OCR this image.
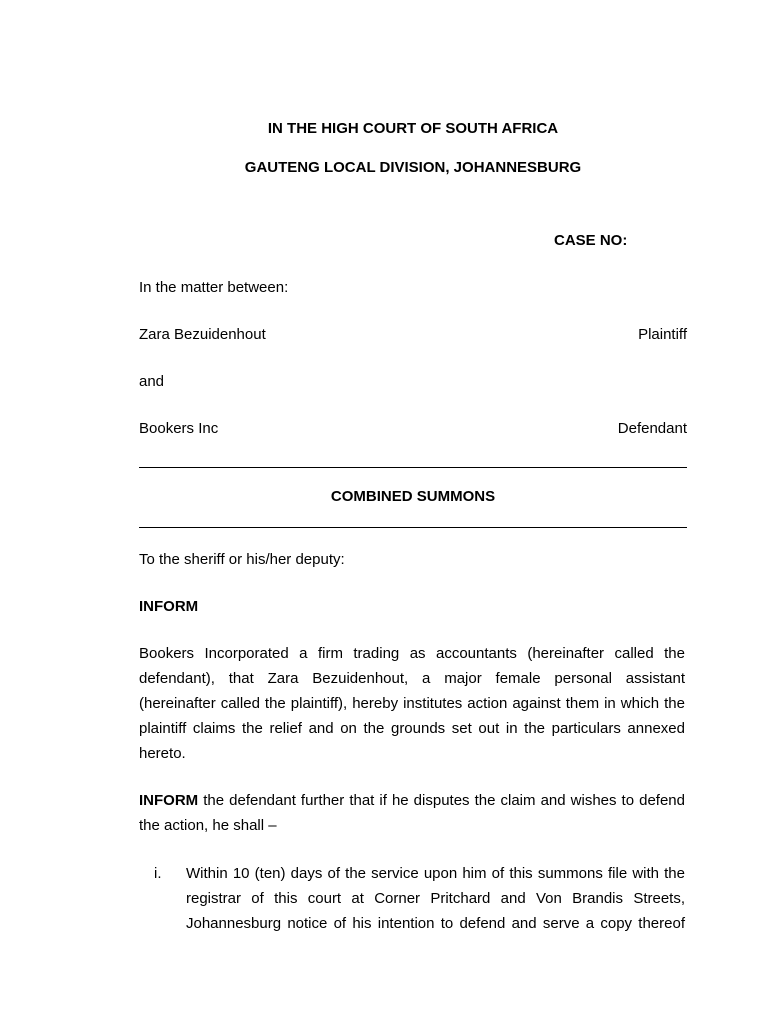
IN THE HIGH COURT OF SOUTH AFRICA
GAUTENG LOCAL DIVISION, JOHANNESBURG
CASE NO:
In the matter between:
Zara Bezuidenhout	Plaintiff
and
Bookers Inc	Defendant
COMBINED SUMMONS
To the sheriff or his/her deputy:
INFORM
Bookers Incorporated a firm trading as accountants (hereinafter called the defendant), that Zara Bezuidenhout, a major female personal assistant (hereinafter called the plaintiff), hereby institutes action against them in which the plaintiff claims the relief and on the grounds set out in the particulars annexed hereto.
INFORM the defendant further that if he disputes the claim and wishes to defend the action, he shall –
i. Within 10 (ten) days of the service upon him of this summons file with the registrar of this court at Corner Pritchard and Von Brandis Streets, Johannesburg notice of his intention to defend and serve a copy thereof
